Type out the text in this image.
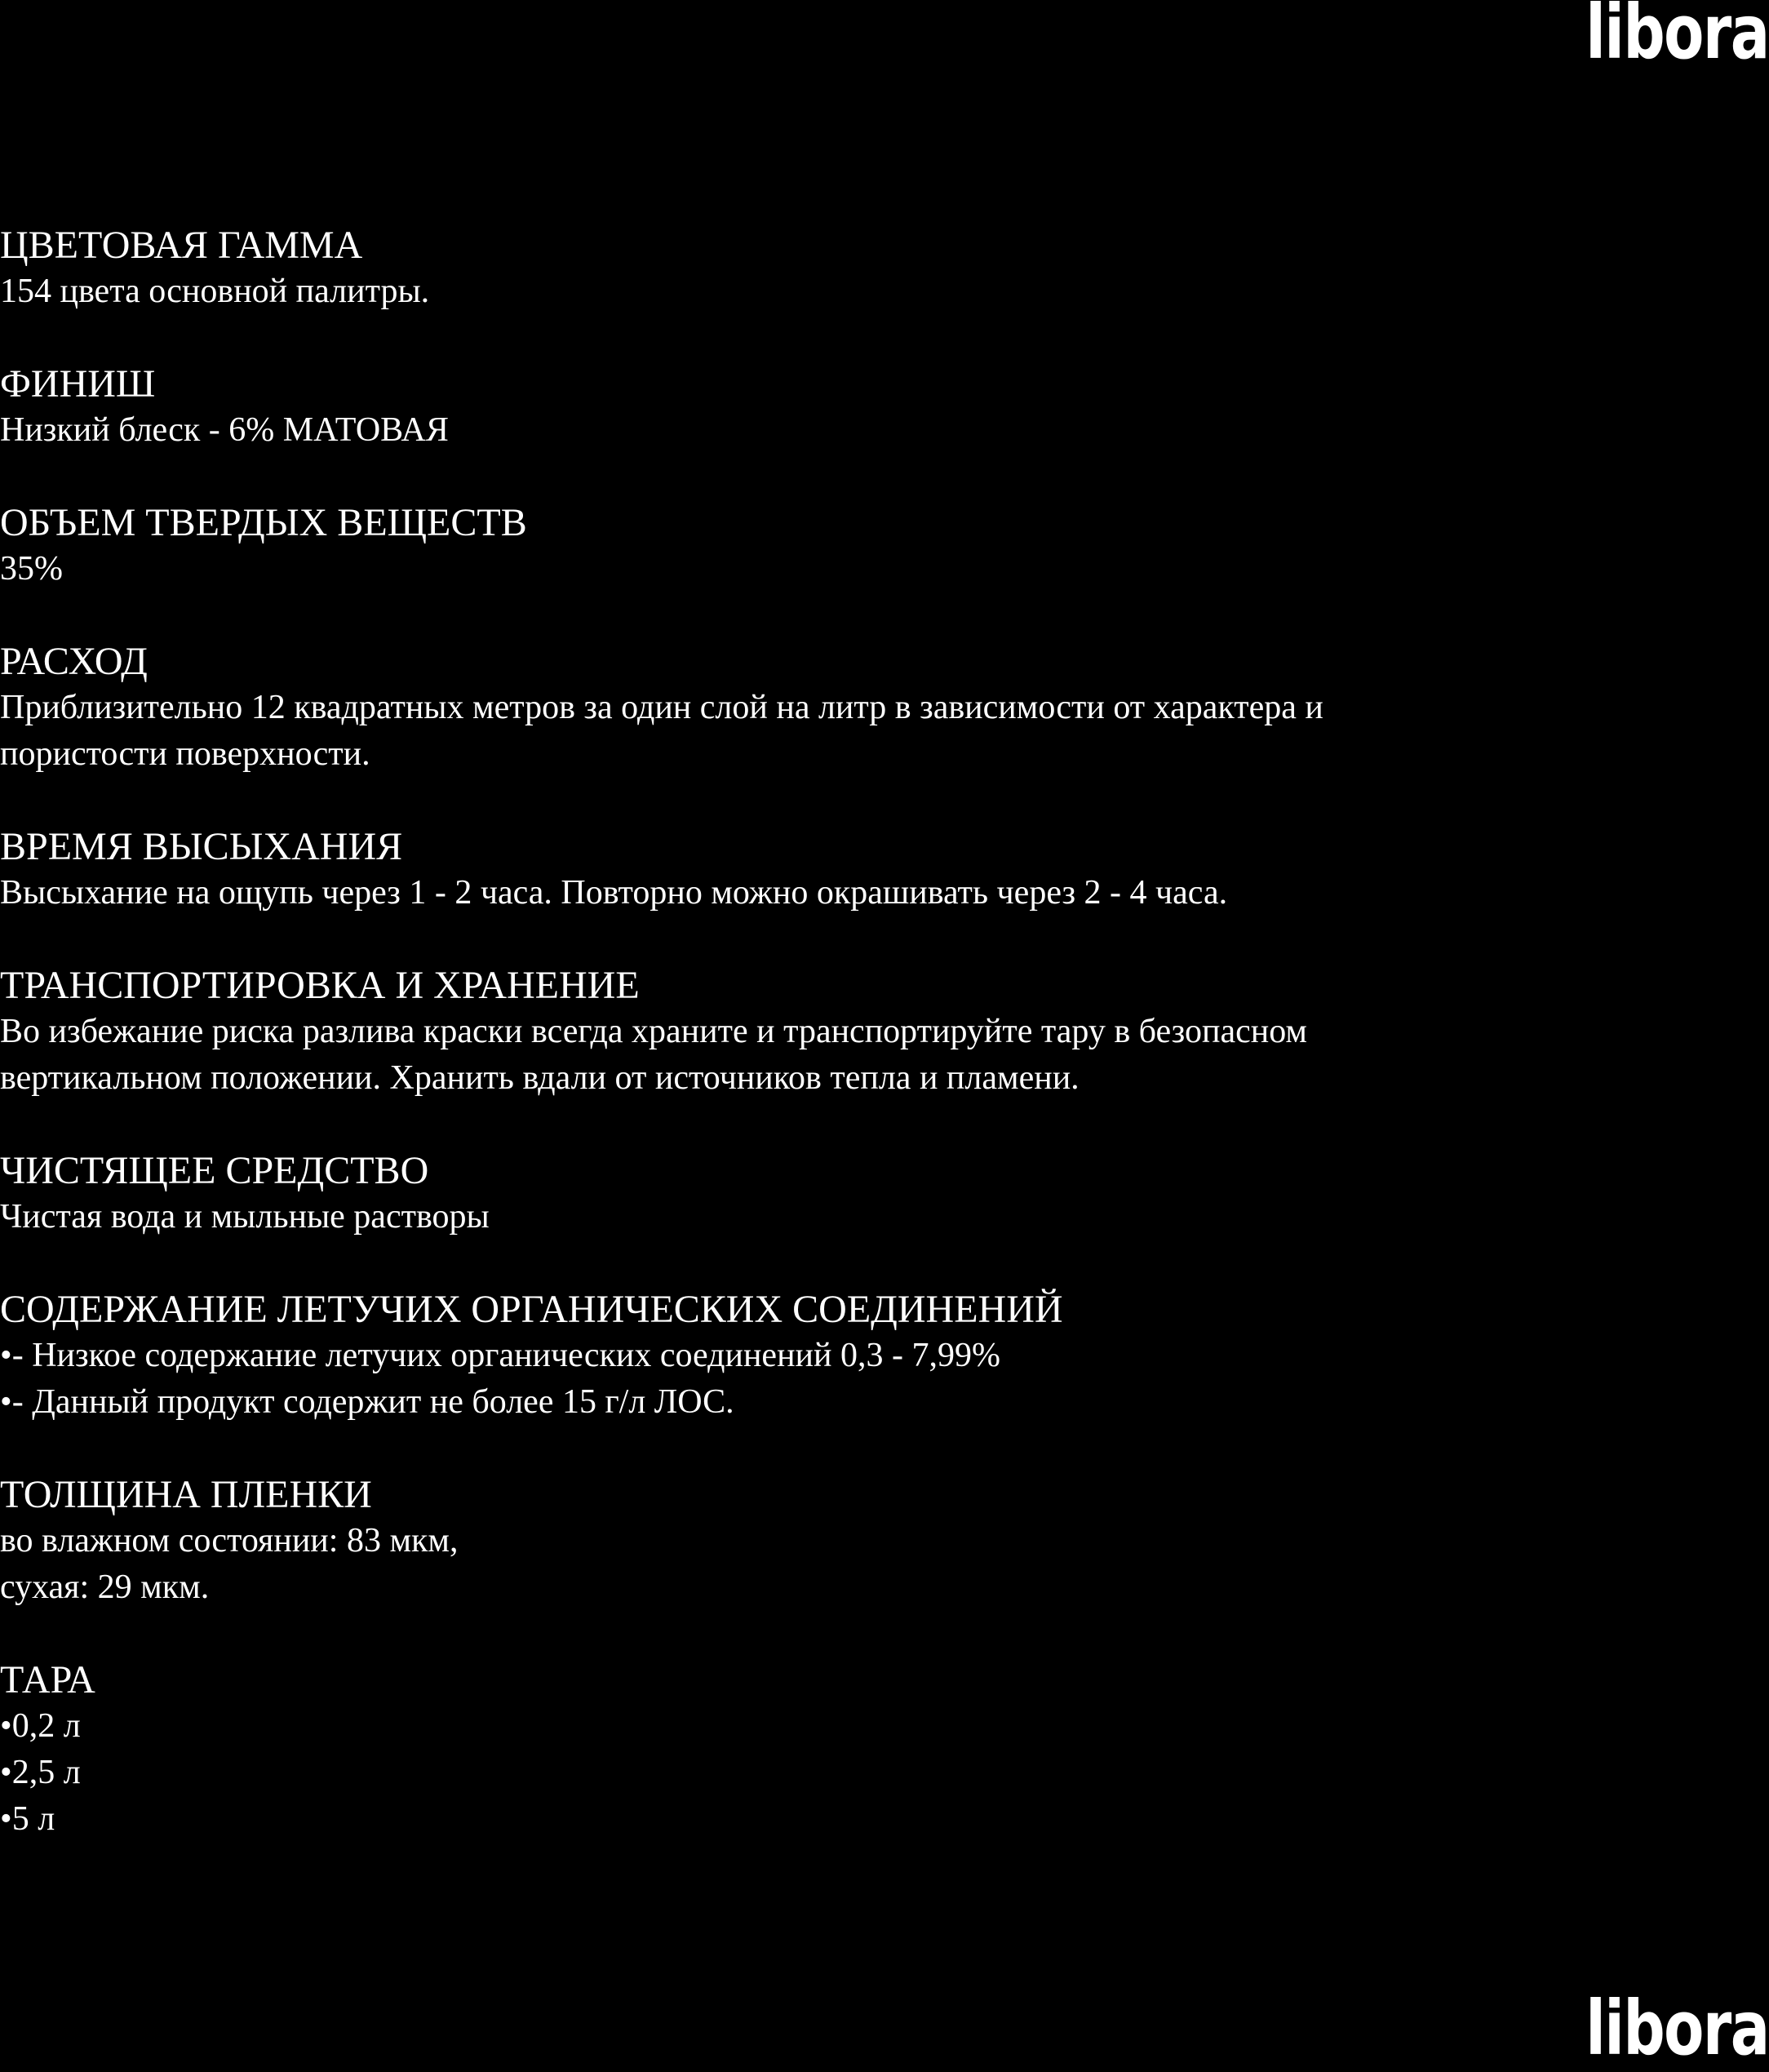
libora
ЦВЕТОВАЯ ГАММА
154 цвета основной палитры.
ФИНИШ
Низкий блеск - 6% МАТОВАЯ
ОБЪЕМ ТВЕРДЫХ ВЕЩЕСТВ
35%
РАСХОД
Приблизительно 12 квадратных метров за один слой на литр в зависимости от характера и
пористости поверхности.
ВРЕМЯ ВЫСЫХАНИЯ
Высыхание на ощупь через 1 - 2 часа. Повторно можно окрашивать через 2 - 4 часа.
ТРАНСПОРТИРОВКА И ХРАНЕНИЕ
Во избежание риска разлива краски всегда храните и транспортируйте тару в безопасном
вертикальном положении. Хранить вдали от источников тепла и пламени.
ЧИСТЯЩЕЕ СРЕДСТВО
Чистая вода и мыльные растворы
СОДЕРЖАНИЕ ЛЕТУЧИХ ОРГАНИЧЕСКИХ СОЕДИНЕНИЙ
•- Низкое содержание летучих органических соединений 0,3 - 7,99%
•- Данный продукт содержит не более 15 г/л ЛОС.
ТОЛЩИНА ПЛЕНКИ
во влажном состоянии: 83 мкм,
сухая: 29 мкм.
ТАРА
•0,2 л
•2,5 л
•5 л
libora
